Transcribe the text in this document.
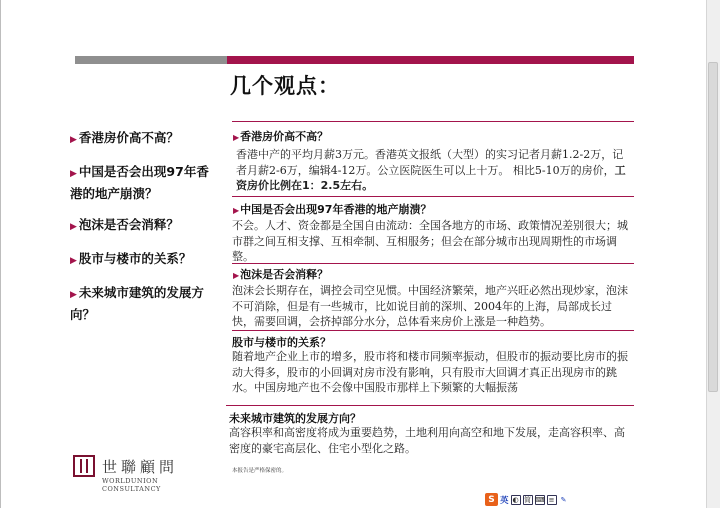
几个观点：
▶ 香港房价高不高？
▶ 中国是否会出现97年香港的地产崩溃？
▶ 泡沫是否会消释？
▶ 股市与楼市的关系？
▶ 未来城市建筑的发展方向？
▶香港房价高不高？
香港中产的平均月薪3万元。香港英文报纸（大型）的实习记者月薪1.2-2万，记者月薪2-6万，编辑4-12万。公立医院医生可以上十万。 相比5-10万的房价，工资房价比例在1：2.5左右。
▶中国是否会出现97年香港的地产崩溃？
不会。人才、资金都是全国自由流动：全国各地方的市场、政策情况差别很大；城市群之间互相支撑、互相牵制、互相服务；但会在部分城市出现周期性的市场调整。
▶泡沫是否会消释？
泡沫会长期存在，调控会司空见惯。中国经济繁荣，地产兴旺必然出现炒家，泡沫不可消除，但是有一些城市，比如说目前的深圳、2004年的上海，局部成长过快，需要回调，会挤掉部分水分，总体看来房价上涨是一种趋势。
股市与楼市的关系？
随着地产企业上市的增多，股市将和楼市同频率振动，但股市的振动要比房市的振动大得多，股市的小回调对房市没有影响，只有股市大回调才真正出现房市的跳水。中国房地产也不会像中国股市那样上下频繁的大幅振荡
未来城市建筑的发展方向？
高容积率和高密度将成为重要趋势，土地利用向高空和地下发展，走高容积率、高密度的豪宅高层化、住宅小型化之路。
世聯顧問
WORLDUNION CONSULTANCY
本报告是严格保密的。
S 英 ◐ 简 ⌨ ≡ ✎
